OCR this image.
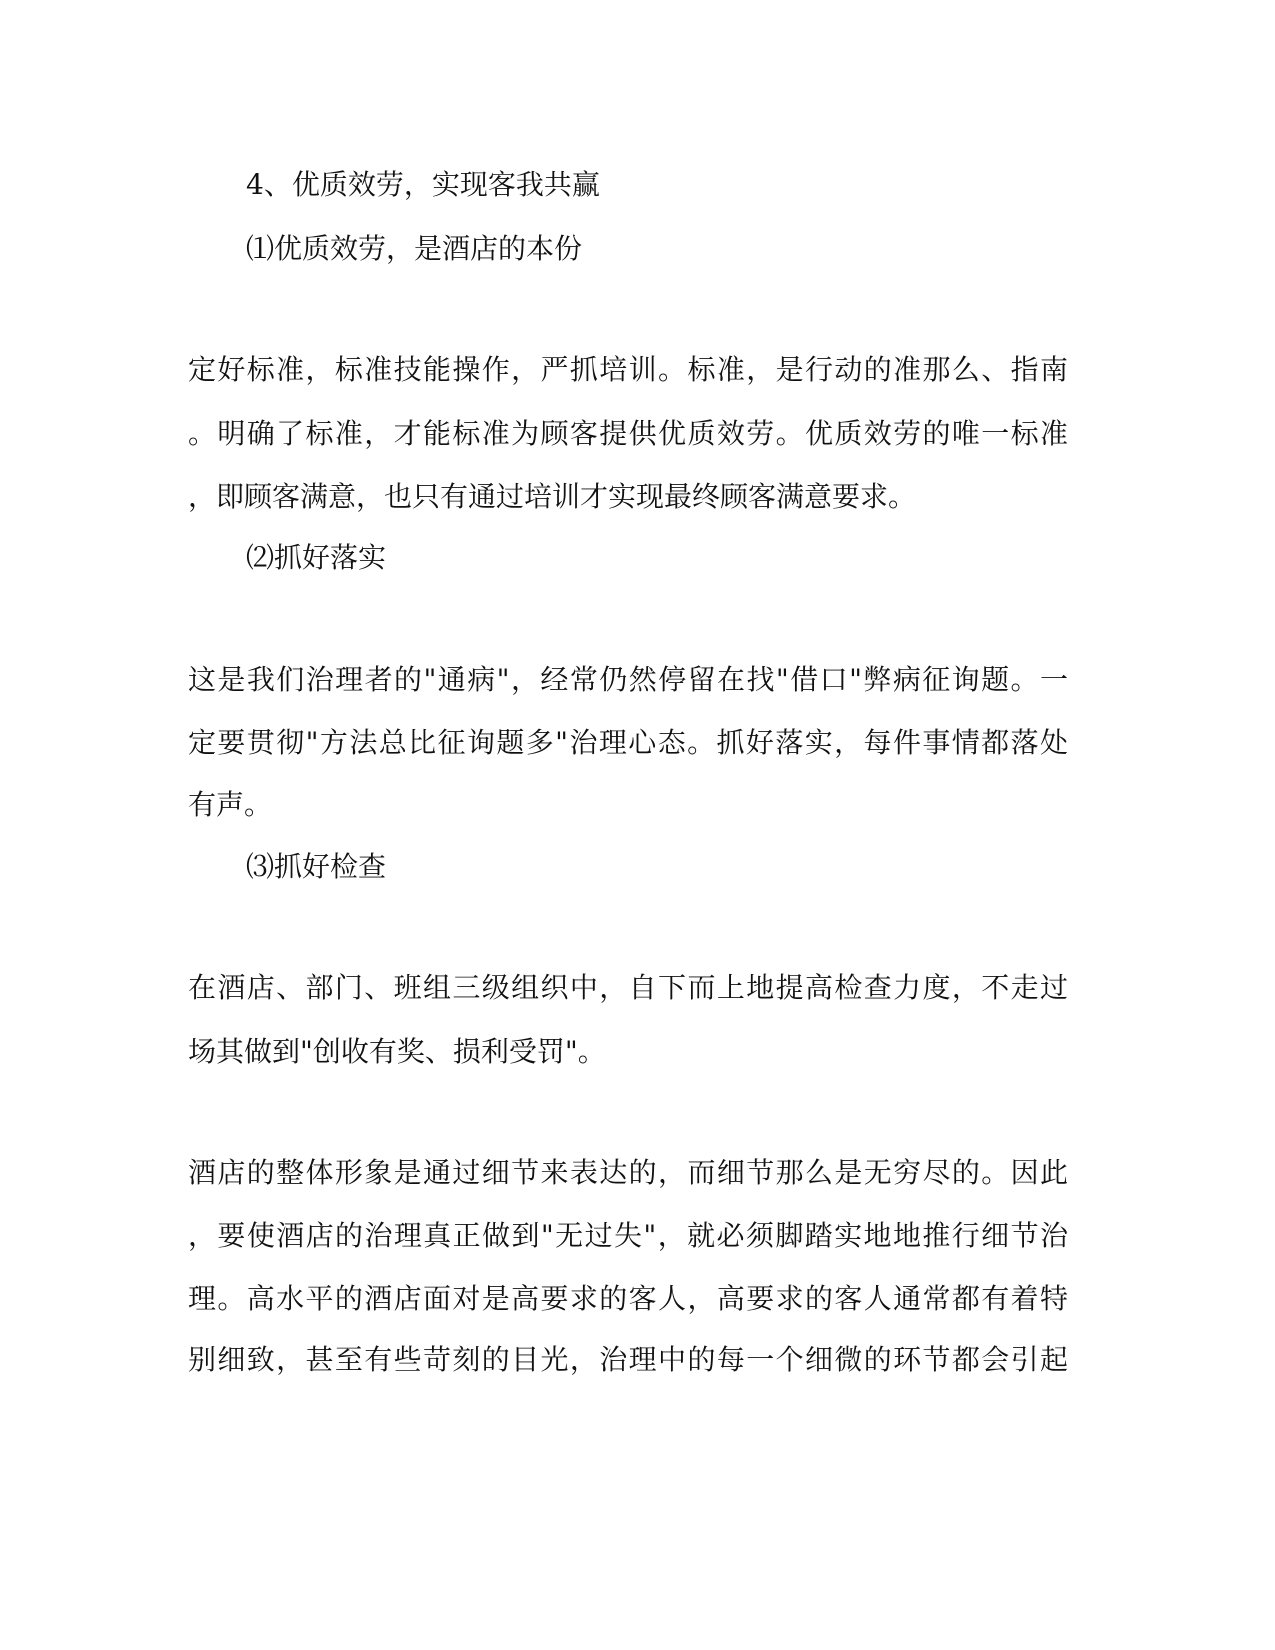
4、优质效劳，实现客我共赢
⑴优质效劳，是酒店的本份
定好标准，标准技能操作，严抓培训。标准，是行动的准那么、指南
。明确了标准，才能标准为顾客提供优质效劳。优质效劳的唯一标准
，即顾客满意，也只有通过培训才实现最终顾客满意要求。
⑵抓好落实
这是我们治理者的"通病"，经常仍然停留在找"借口"弊病征询题。一
定要贯彻"方法总比征询题多"治理心态。抓好落实，每件事情都落处
有声。
⑶抓好检查
在酒店、部门、班组三级组织中，自下而上地提高检查力度，不走过
场其做到"创收有奖、损利受罚"。
酒店的整体形象是通过细节来表达的，而细节那么是无穷尽的。因此
，要使酒店的治理真正做到"无过失"，就必须脚踏实地地推行细节治
理。高水平的酒店面对是高要求的客人，高要求的客人通常都有着特
别细致，甚至有些苛刻的目光，治理中的每一个细微的环节都会引起
